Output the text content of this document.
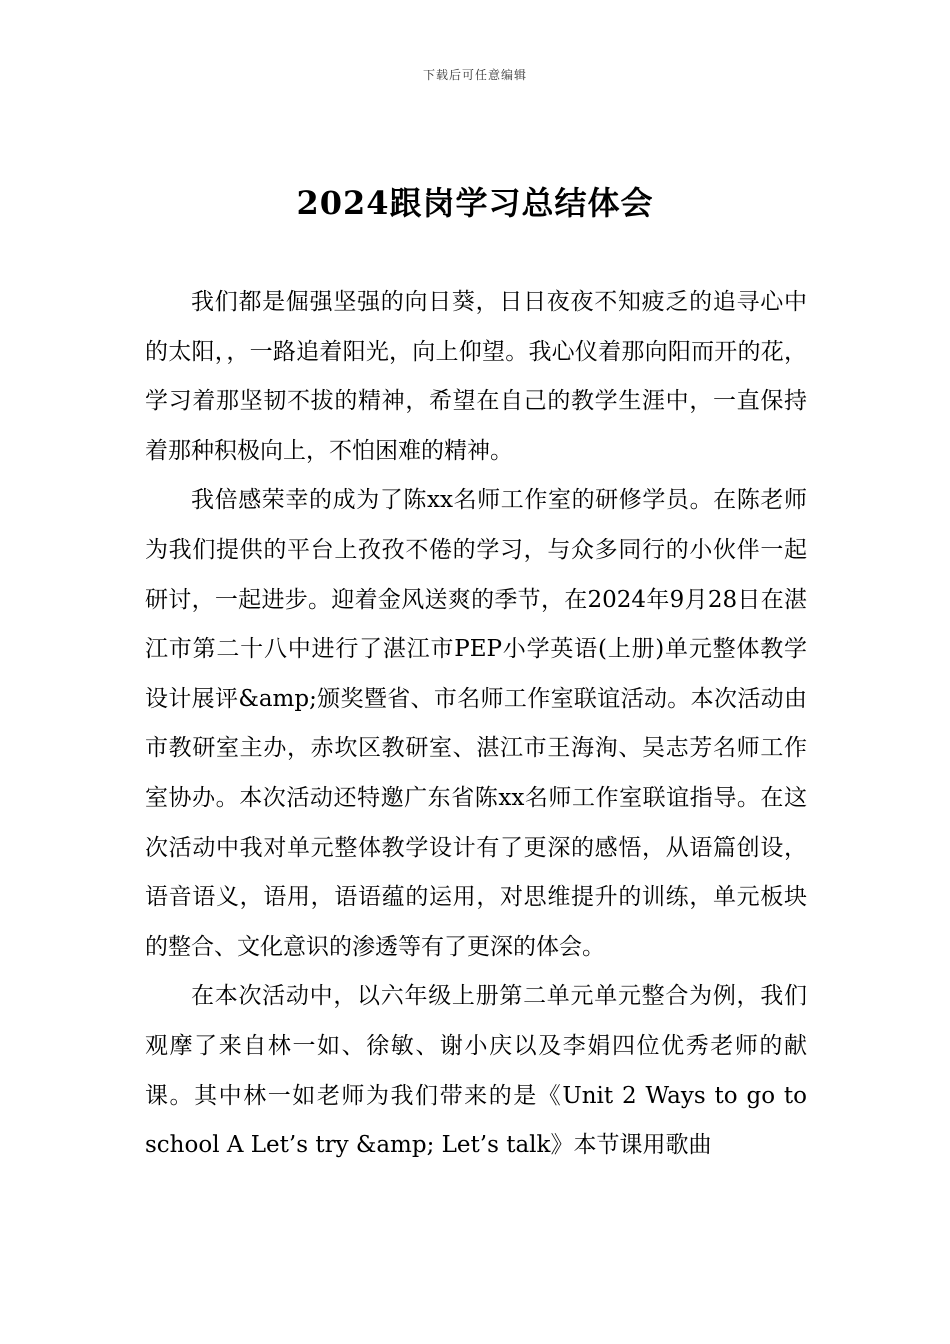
下载后可任意编辑
2024跟岗学习总结体会

我们都是倔强坚强的向日葵，日日夜夜不知疲乏的追寻心中的太阳，，一路追着阳光，向上仰望。我心仪着那向阳而开的花，学习着那坚韧不拔的精神，希望在自己的教学生涯中，一直保持着那种积极向上，不怕困难的精神。

我倍感荣幸的成为了陈xx名师工作室的研修学员。在陈老师为我们提供的平台上孜孜不倦的学习，与众多同行的小伙伴一起研讨，一起进步。迎着金风送爽的季节，在2024年9月28日在湛江市第二十八中进行了湛江市PEP小学英语(上册)单元整体教学设计展评&amp;颁奖暨省、市名师工作室联谊活动。本次活动由市教研室主办，赤坎区教研室、湛江市王海洵、吴志芳名师工作室协办。本次活动还特邀广东省陈xx名师工作室联谊指导。在这次活动中我对单元整体教学设计有了更深的感悟，从语篇创设，语音语义，语用，语语蕴的运用，对思维提升的训练，单元板块的整合、文化意识的渗透等有了更深的体会。

在本次活动中，以六年级上册第二单元单元整合为例，我们观摩了来自林一如、徐敏、谢小庆以及李娟四位优秀老师的献课。其中林一如老师为我们带来的是《Unit 2 Ways to go to school A Let’s try &amp; Let’s talk》本节课用歌曲
